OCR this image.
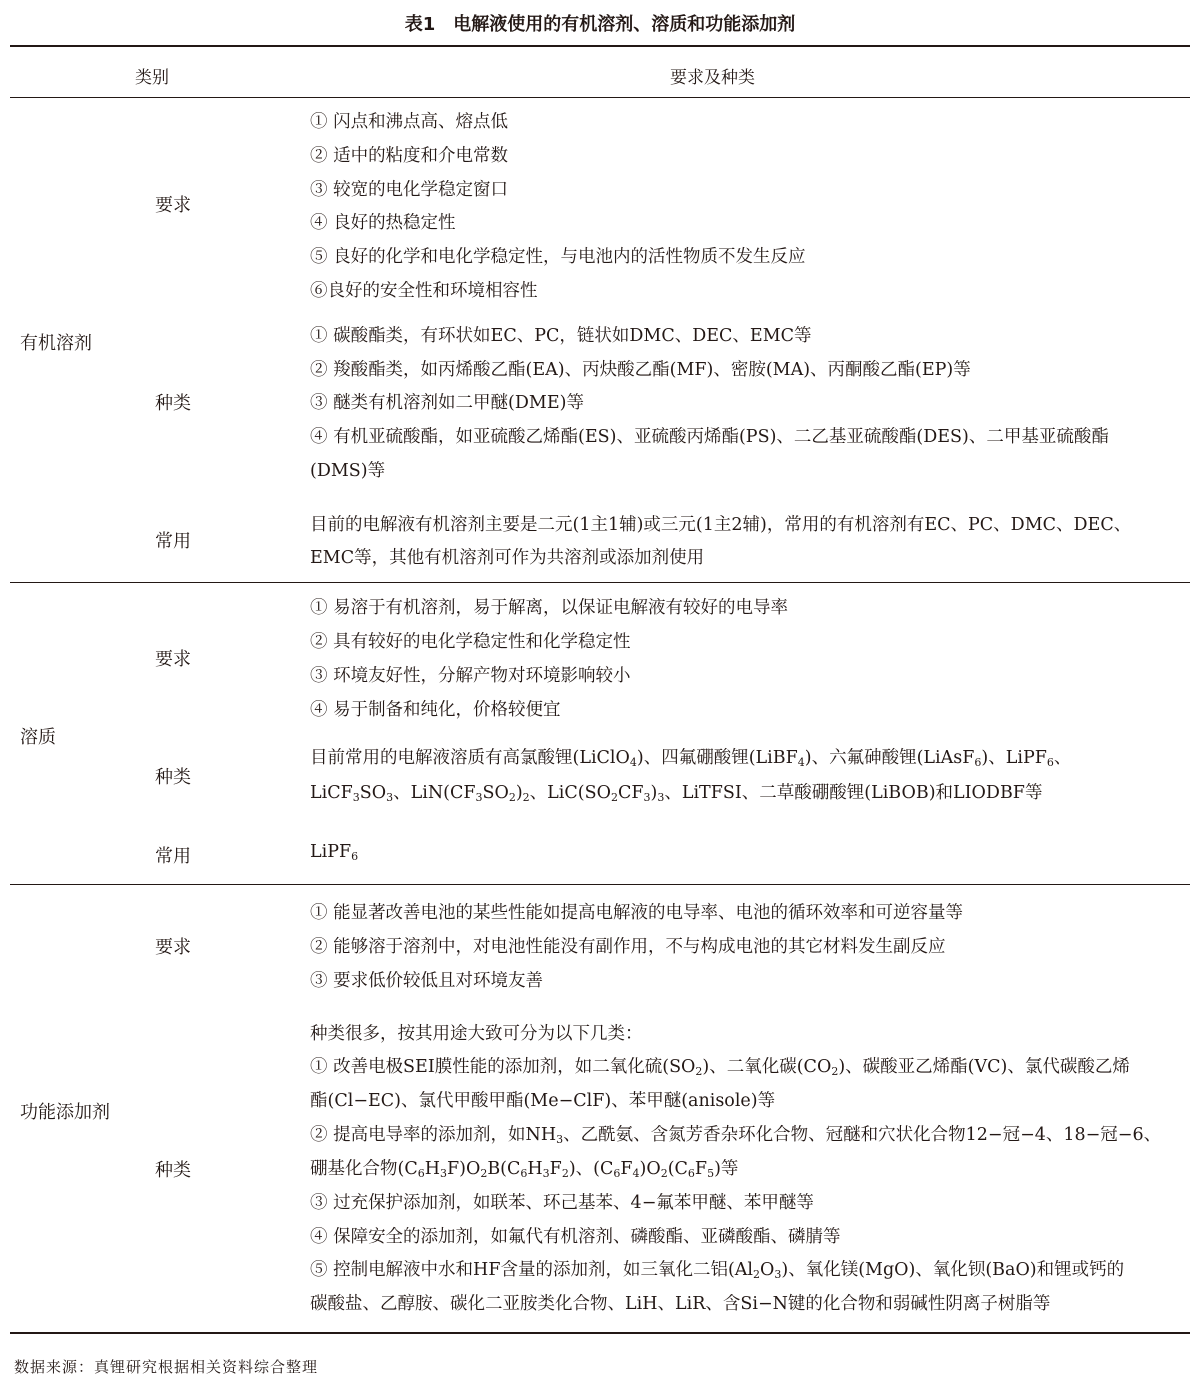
表1　电解液使用的有机溶剂、溶质和功能添加剂
类别	要求及种类
有机溶剂
要求
种类
常用
① 闪点和沸点高、熔点低
② 适中的粘度和介电常数
③ 较宽的电化学稳定窗口
④ 良好的热稳定性
⑤ 良好的化学和电化学稳定性，与电池内的活性物质不发生反应
⑥良好的安全性和环境相容性
① 碳酸酯类，有环状如EC、PC，链状如DMC、DEC、EMC等
② 羧酸酯类，如丙烯酸乙酯(EA)、丙炔酸乙酯(MF)、密胺(MA)、丙酮酸乙酯(EP)等
③ 醚类有机溶剂如二甲醚(DME)等
④ 有机亚硫酸酯，如亚硫酸乙烯酯(ES)、亚硫酸丙烯酯(PS)、二乙基亚硫酸酯(DES)、二甲基亚硫酸酯
(DMS)等
目前的电解液有机溶剂主要是二元(1主1辅)或三元(1主2辅)，常用的有机溶剂有EC、PC、DMC、DEC、
EMC等，其他有机溶剂可作为共溶剂或添加剂使用
溶质
要求
种类
常用
① 易溶于有机溶剂，易于解离，以保证电解液有较好的电导率
② 具有较好的电化学稳定性和化学稳定性
③ 环境友好性，分解产物对环境影响较小
④ 易于制备和纯化，价格较便宜
目前常用的电解液溶质有高氯酸锂(LiClO$_4$)、四氟硼酸锂(LiBF$_4$)、六氟砷酸锂(LiAsF$_6$)、LiPF$_6$、
$LiCF_3SO_3$、$LiN(CF_3SO_2)_2$、$LiC(SO_2CF_3)_3$、LiTFSI、二草酸硼酸锂(LiBOB)和LIODBF等
LiPF$_6$
功能添加剂
要求
种类
① 能显著改善电池的某些性能如提高电解液的电导率、电池的循环效率和可逆容量等
② 能够溶于溶剂中，对电池性能没有副作用，不与构成电池的其它材料发生副反应
③ 要求低价较低且对环境友善
种类很多，按其用途大致可分为以下几类：
① 改善电极SEI膜性能的添加剂，如二氧化硫$(SO_2)$、二氧化碳$(CO_2)$、碳酸亚乙烯酯(VC)、氯代碳酸乙烯
酯(Cl−EC)、氯代甲酸甲酯(Me−ClF)、苯甲醚(anisole)等
② 提高电导率的添加剂，如$NH_3$、乙酰氨、含氮芳香杂环化合物、冠醚和穴状化合物12−冠−4、18−冠−6、
硼基化合物$(C_6H_3F)O_2B(C_6H_3F_2)$、$(C_6F_4)O_2(C_6F_5)$等
③ 过充保护添加剂，如联苯、环己基苯、4−氟苯甲醚、苯甲醚等
④ 保障安全的添加剂，如氟代有机溶剂、磷酸酯、亚磷酸酯、磷腈等
⑤ 控制电解液中水和HF含量的添加剂，如三氧化二铝$(Al_2O_3)$、氧化镁(MgO)、氧化钡(BaO)和锂或钙的
碳酸盐、乙醇胺、碳化二亚胺类化合物、LiH、LiR、含Si−N键的化合物和弱碱性阴离子树脂等
数据来源：真锂研究根据相关资料综合整理
